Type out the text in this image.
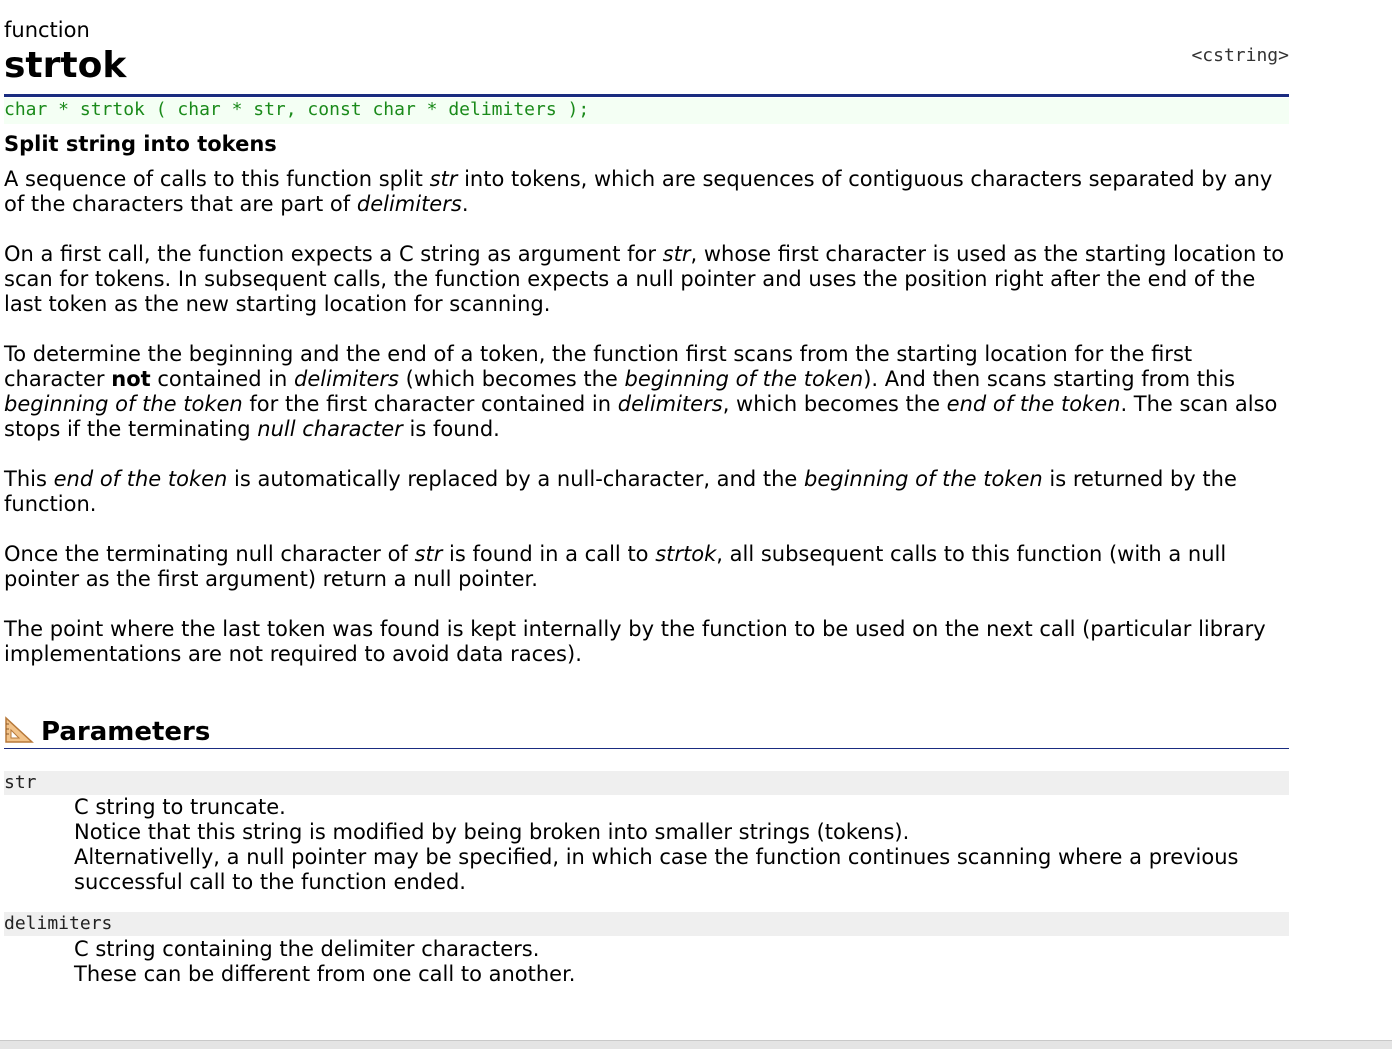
function
strtok	<cstring>
char * strtok ( char * str, const char * delimiters );
Split string into tokens

A sequence of calls to this function split str into tokens, which are sequences of contiguous characters separated by any of the characters that are part of delimiters.

On a first call, the function expects a C string as argument for str, whose first character is used as the starting location to scan for tokens. In subsequent calls, the function expects a null pointer and uses the position right after the end of the last token as the new starting location for scanning.

To determine the beginning and the end of a token, the function first scans from the starting location for the first character not contained in delimiters (which becomes the beginning of the token). And then scans starting from this beginning of the token for the first character contained in delimiters, which becomes the end of the token. The scan also stops if the terminating null character is found.

This end of the token is automatically replaced by a null-character, and the beginning of the token is returned by the function.

Once the terminating null character of str is found in a call to strtok, all subsequent calls to this function (with a null pointer as the first argument) return a null pointer.

The point where the last token was found is kept internally by the function to be used on the next call (particular library implementations are not required to avoid data races).

Parameters
str
C string to truncate.
Notice that this string is modified by being broken into smaller strings (tokens).
Alternativelly, a null pointer may be specified, in which case the function continues scanning where a previous successful call to the function ended.
delimiters
C string containing the delimiter characters.
These can be different from one call to another.
